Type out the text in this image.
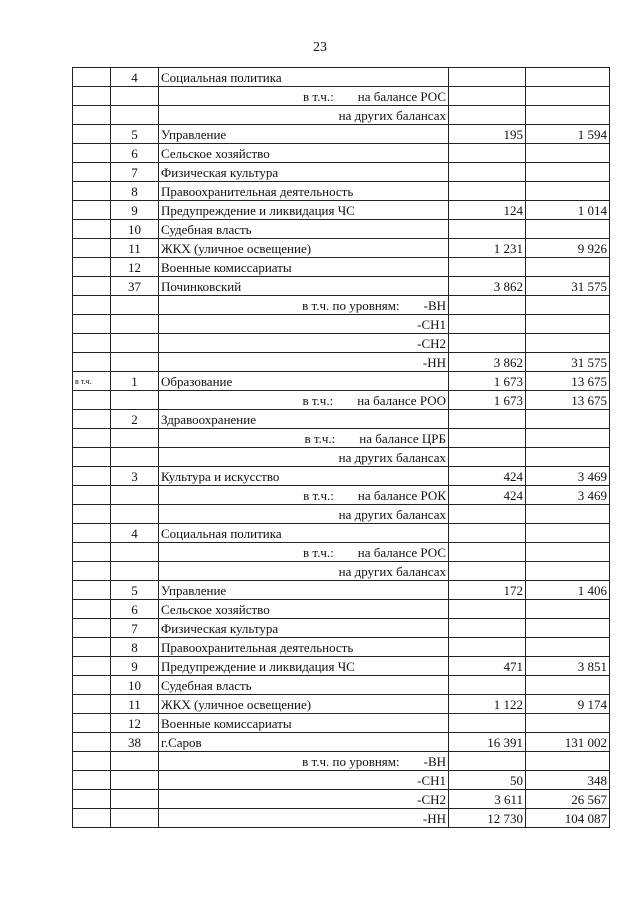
23
	4	Социальная политика		
		в т.ч.: на балансе РОС		
		на других балансах		
	5	Управление	195	1 594
	6	Сельское хозяйство		
	7	Физическая культура		
	8	Правоохранительная деятельность		
	9	Предупреждение и ликвидация ЧС	124	1 014
	10	Судебная власть		
	11	ЖКХ (уличное освещение)	1 231	9 926
	12	Военные комиссариаты		
	37	Починковский	3 862	31 575
		в т.ч. по уровням: -ВН		
		-СН1		
		-СН2		
		-НН	3 862	31 575
в т.ч.	1	Образование	1 673	13 675
		в т.ч.: на балансе РОО	1 673	13 675
	2	Здравоохранение		
		в т.ч.: на балансе ЦРБ		
		на других балансах		
	3	Культура и искусство	424	3 469
		в т.ч.: на балансе РОК	424	3 469
		на других балансах		
	4	Социальная политика		
		в т.ч.: на балансе РОС		
		на других балансах		
	5	Управление	172	1 406
	6	Сельское хозяйство		
	7	Физическая культура		
	8	Правоохранительная деятельность		
	9	Предупреждение и ликвидация ЧС	471	3 851
	10	Судебная власть		
	11	ЖКХ (уличное освещение)	1 122	9 174
	12	Военные комиссариаты		
	38	г.Саров	16 391	131 002
		в т.ч. по уровням: -ВН		
		-СН1	50	348
		-СН2	3 611	26 567
		-НН	12 730	104 087
